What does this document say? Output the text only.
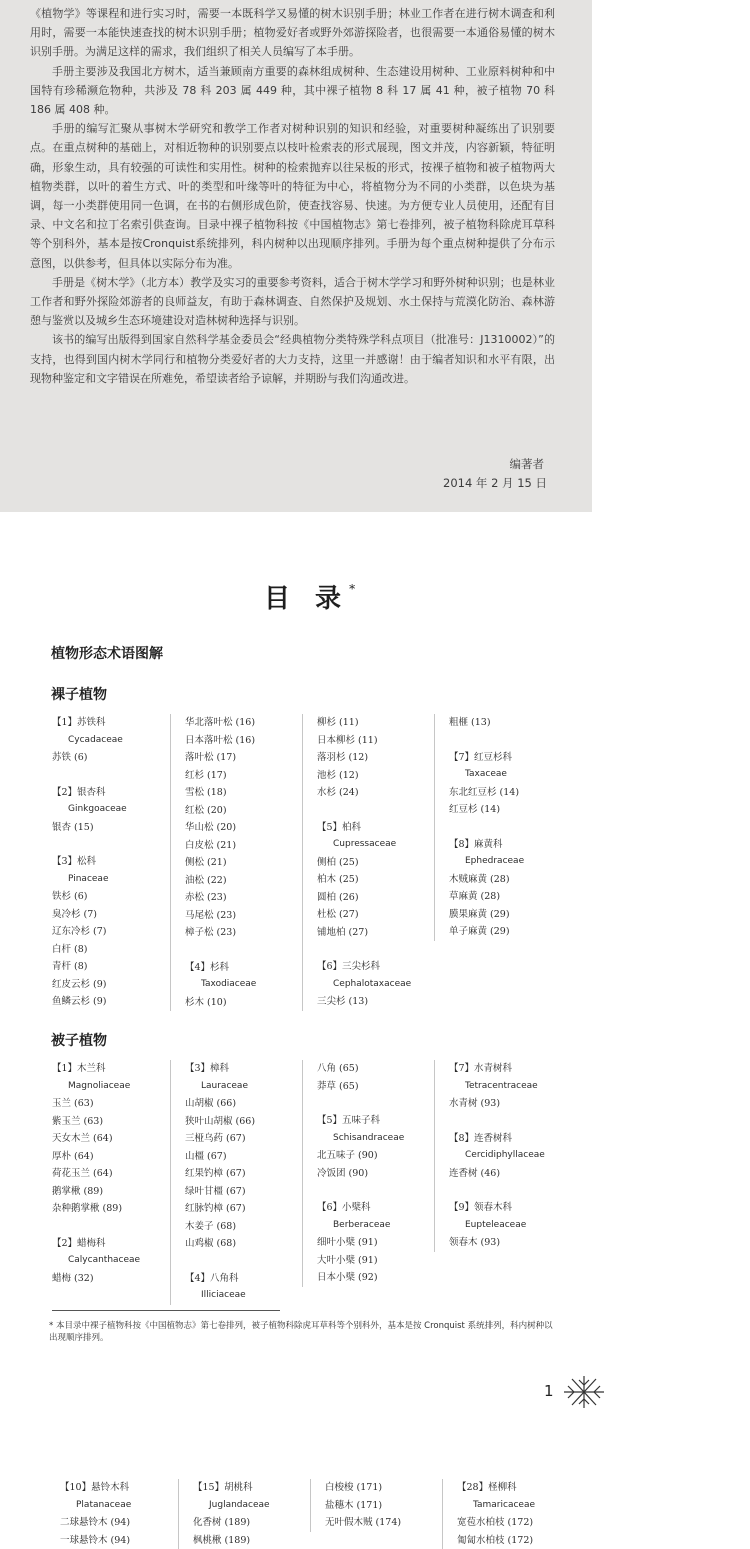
《植物学》等课程和进行实习时，需要一本既科学又易懂的树木识别手册；林业工作者在进行树木调查和利用时，需要一本能快速查找的树木识别手册；植物爱好者或野外郊游探险者，也很需要一本通俗易懂的树木识别手册。为满足这样的需求，我们组织了相关人员编写了本手册。

手册主要涉及我国北方树木，适当兼顾南方重要的森林组成树种、生态建设用树种、工业原料树种和中国特有珍稀濒危物种，共涉及 78 科 203 属 449 种，其中裸子植物 8 科 17 属 41 种，被子植物 70 科 186 属 408 种。

手册的编写汇聚从事树木学研究和教学工作者对树种识别的知识和经验，对重要树种凝练出了识别要点。在重点树种的基础上，对相近物种的识别要点以枝叶检索表的形式展现，图文并茂，内容新颖，特征明确，形象生动，具有较强的可读性和实用性。树种的检索抛弃以往呆板的形式，按裸子植物和被子植物两大植物类群，以叶的着生方式、叶的类型和叶缘等叶的特征为中心，将植物分为不同的小类群，以色块为基调，每一小类群使用同一色调，在书的右侧形成色阶，使查找容易、快速。为方便专业人员使用，还配有目录、中文名和拉丁名索引供查询。目录中裸子植物科按《中国植物志》第七卷排列，被子植物科除虎耳草科等个别科外，基本是按Cronquist系统排列，科内树种以出现顺序排列。手册为每个重点树种提供了分布示意图，以供参考，但具体以实际分布为准。

手册是《树木学》（北方本）教学及实习的重要参考资料，适合于树木学学习和野外树种识别；也是林业工作者和野外探险郊游者的良师益友，有助于森林调查、自然保护及规划、水土保持与荒漠化防治、森林游憩与鉴赏以及城乡生态环境建设对造林树种选择与识别。

该书的编写出版得到国家自然科学基金委员会“经典植物分类特殊学科点项目（批准号：J1310002）”的支持，也得到国内树木学同行和植物分类爱好者的大力支持，这里一并感谢！由于编者知识和水平有限，出现物种鉴定和文字错误在所难免，希望读者给予谅解，并期盼与我们沟通改进。

编著者
2014 年 2 月 15 日
目 录*
植物形态术语图解
裸子植物
【1】苏铁科
Cycadaceae
苏铁 (6)
【2】银杏科
Ginkgoaceae
银杏 (15)
【3】松科
Pinaceae
铁杉 (6)
臭冷杉 (7)
辽东冷杉 (7)
白杆 (8)
青杆 (8)
红皮云杉 (9)
鱼鳞云杉 (9)
华北落叶松 (16)
日本落叶松 (16)
落叶松 (17)
红杉 (17)
雪松 (18)
红松 (20)
华山松 (20)
白皮松 (21)
侧松 (21)
油松 (22)
赤松 (23)
马尾松 (23)
樟子松 (23)
【4】杉科
Taxodiaceae
杉木 (10)
柳杉 (11)
日本柳杉 (11)
落羽杉 (12)
池杉 (12)
水杉 (24)
【5】柏科
Cupressaceae
侧柏 (25)
柏木 (25)
圆柏 (26)
杜松 (27)
铺地柏 (27)
【6】三尖杉科
Cephalotaxaceae
三尖杉 (13)
粗榧 (13)
【7】红豆杉科
Taxaceae
东北红豆杉 (14)
红豆杉 (14)
【8】麻黄科
Ephedraceae
木贼麻黄 (28)
草麻黄 (28)
膜果麻黄 (29)
单子麻黄 (29)
被子植物
【1】木兰科
Magnoliaceae
玉兰 (63)
紫玉兰 (63)
天女木兰 (64)
厚朴 (64)
荷花玉兰 (64)
鹅掌楸 (89)
杂种鹅掌楸 (89)
【2】蜡梅科
Calycanthaceae
蜡梅 (32)
【3】樟科
Lauraceae
山胡椒 (66)
狭叶山胡椒 (66)
三桠乌药 (67)
山橿 (67)
红果钓樟 (67)
绿叶甘橿 (67)
红脉钓樟 (67)
木姜子 (68)
山鸡椒 (68)
【4】八角科
Illiciaceae
八角 (65)
莽草 (65)
【5】五味子科
Schisandraceae
北五味子 (90)
冷饭团 (90)
【6】小檗科
Berberaceae
细叶小檗 (91)
大叶小檗 (91)
日本小檗 (92)
【7】水青树科
Tetracentraceae
水青树 (93)
【8】连香树科
Cercidiphyllaceae
连香树 (46)
【9】领春木科
Eupteleaceae
领春木 (93)
* 本目录中裸子植物科按《中国植物志》第七卷排列，被子植物科除虎耳草科等个别科外，基本是按 Cronquist 系统排列，科内树种以出现顺序排列。
1
【10】悬铃木科
Platanaceae
二球悬铃木 (94)
一球悬铃木 (94)
【15】胡桃科
Juglandaceae
化香树 (189)
枫桃楸 (189)
白梭梭 (171)
盐穗木 (171)
无叶假木贼 (174)
【28】柽柳科
Tamaricaceae
宽苞水柏枝 (172)
匍匐水柏枝 (172)
